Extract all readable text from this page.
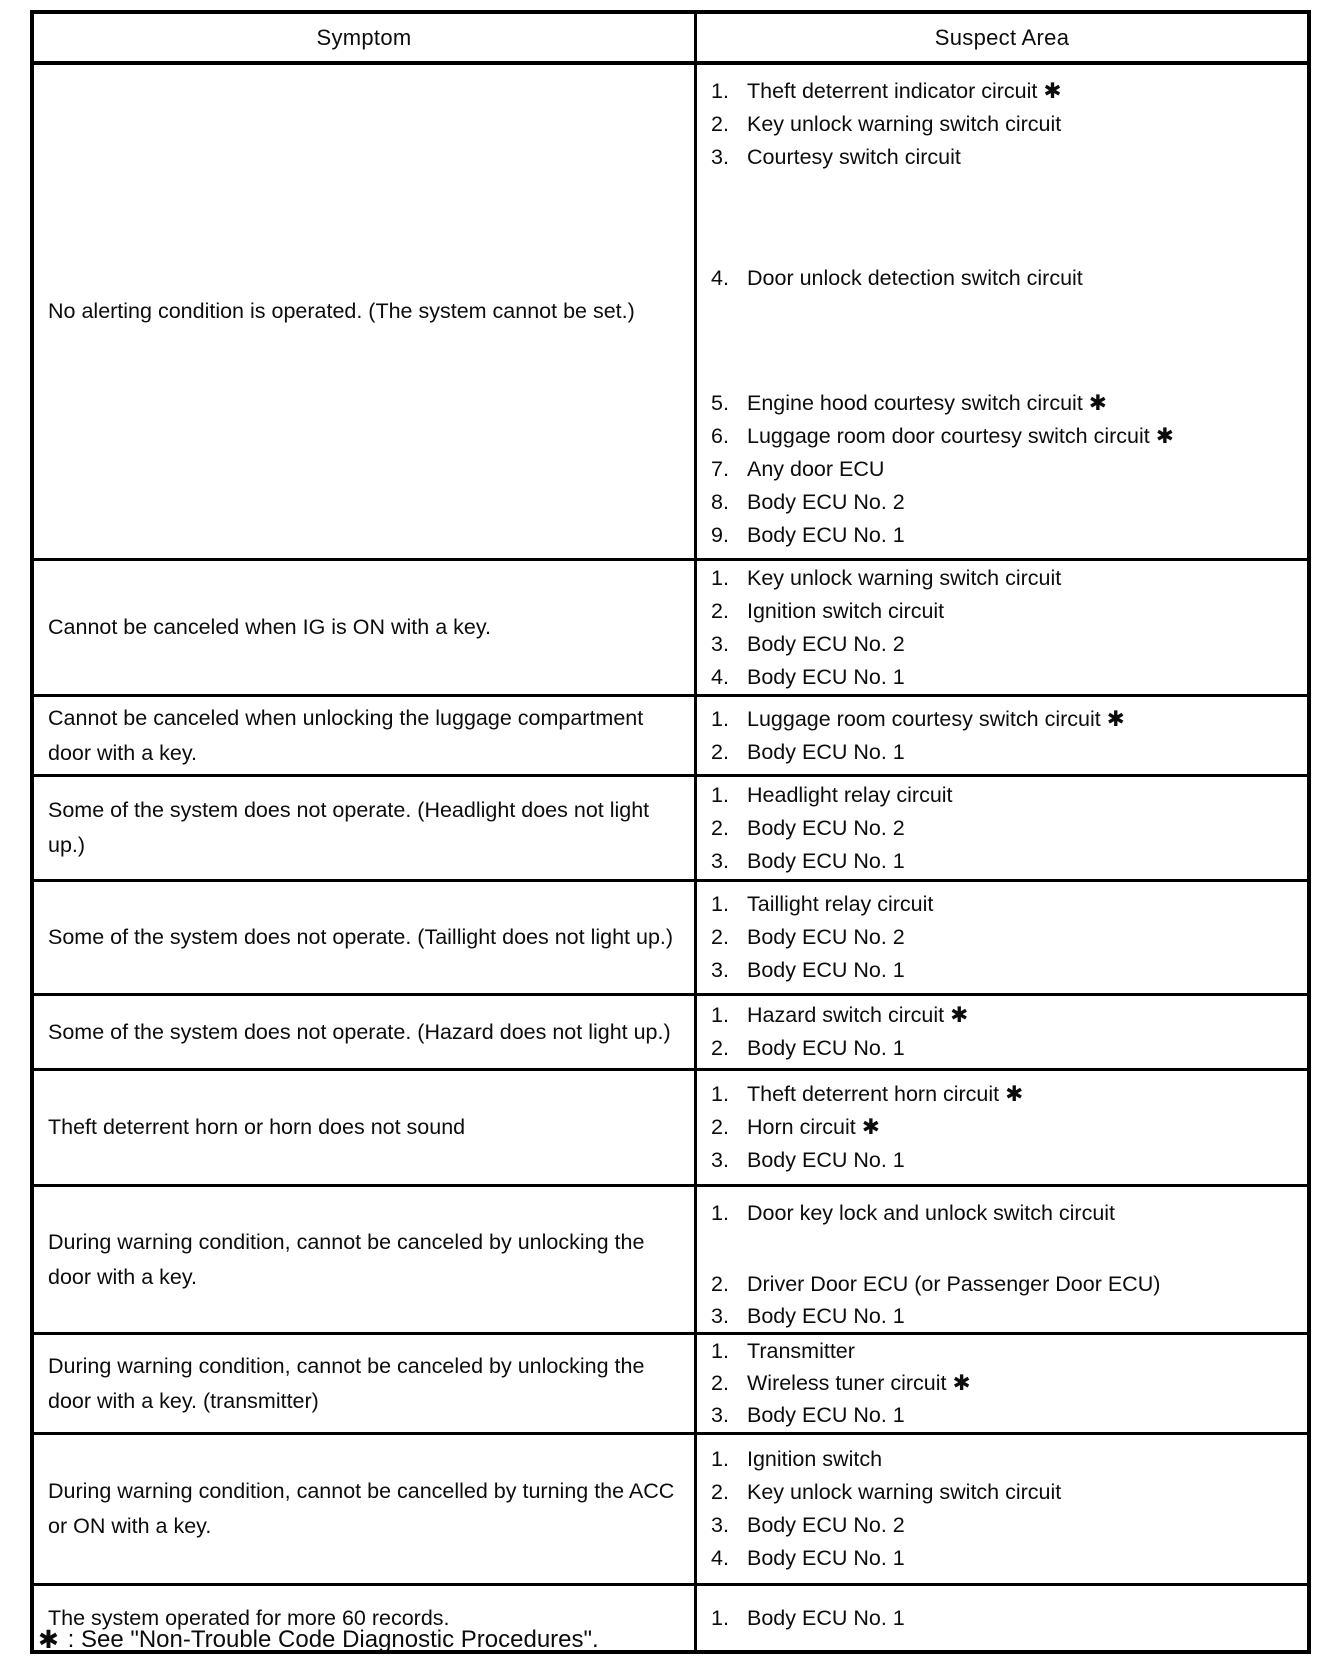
Symptom	Suspect Area
No alerting condition is operated. (The system cannot be set.)
1. Theft deterrent indicator circuit ✱
2. Key unlock warning switch circuit
3. Courtesy switch circuit
4. Door unlock detection switch circuit
5. Engine hood courtesy switch circuit ✱
6. Luggage room door courtesy switch circuit ✱
7. Any door ECU
8. Body ECU No. 2
9. Body ECU No. 1
Cannot be canceled when IG is ON with a key.
1. Key unlock warning switch circuit
2. Ignition switch circuit
3. Body ECU No. 2
4. Body ECU No. 1
Cannot be canceled when unlocking the luggage compartment
door with a key.
1. Luggage room courtesy switch circuit ✱
2. Body ECU No. 1
Some of the system does not operate. (Headlight does not light
up.)
1. Headlight relay circuit
2. Body ECU No. 2
3. Body ECU No. 1
Some of the system does not operate. (Taillight does not light up.)
1. Taillight relay circuit
2. Body ECU No. 2
3. Body ECU No. 1
Some of the system does not operate. (Hazard does not light up.)
1. Hazard switch circuit ✱
2. Body ECU No. 1
Theft deterrent horn or horn does not sound
1. Theft deterrent horn circuit ✱
2. Horn circuit ✱
3. Body ECU No. 1
During warning condition, cannot be canceled by unlocking the
door with a key.
1. Door key lock and unlock switch circuit
2. Driver Door ECU (or Passenger Door ECU)
3. Body ECU No. 1
During warning condition, cannot be canceled by unlocking the
door with a key. (transmitter)
1. Transmitter
2. Wireless tuner circuit ✱
3. Body ECU No. 1
During warning condition, cannot be cancelled by turning the ACC
or ON with a key.
1. Ignition switch
2. Key unlock warning switch circuit
3. Body ECU No. 2
4. Body ECU No. 1
The system operated for more 60 records.	1. Body ECU No. 1
✱ : See "Non-Trouble Code Diagnostic Procedures".
